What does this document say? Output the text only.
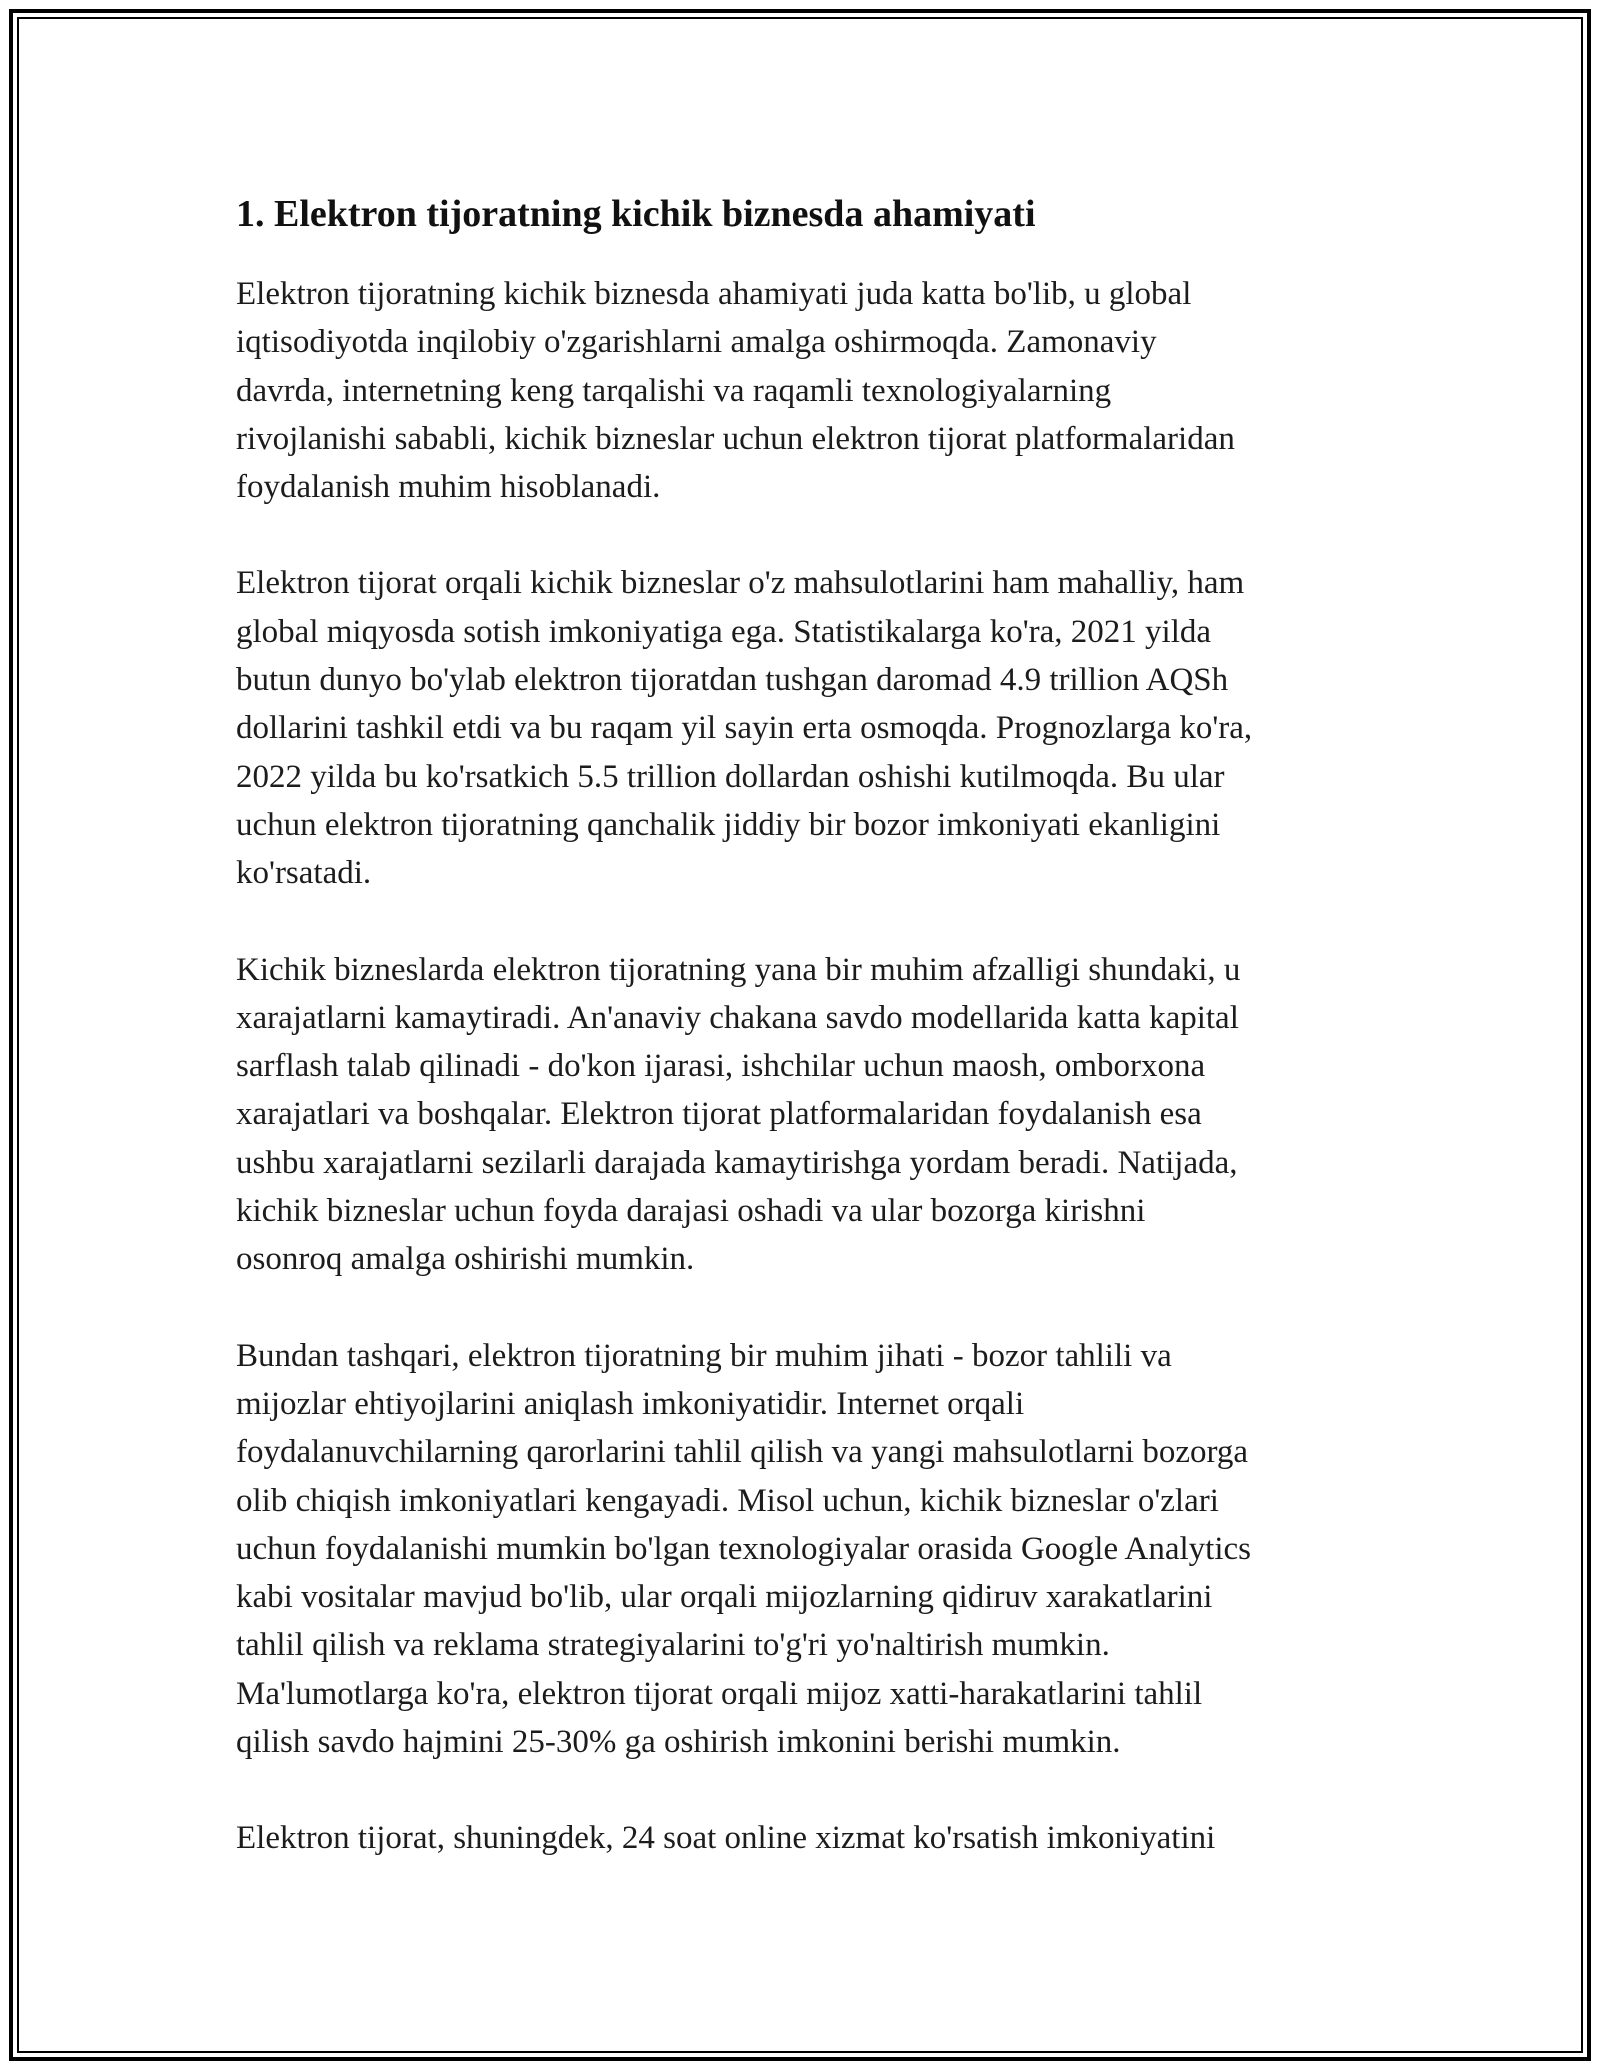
1. Elektron tijoratning kichik biznesda ahamiyati

Elektron tijoratning kichik biznesda ahamiyati juda katta bo'lib, u global
iqtisodiyotda inqilobiy o'zgarishlarni amalga oshirmoqda. Zamonaviy
davrda, internetning keng tarqalishi va raqamli texnologiyalarning
rivojlanishi sababli, kichik bizneslar uchun elektron tijorat platformalaridan
foydalanish muhim hisoblanadi.

Elektron tijorat orqali kichik bizneslar o'z mahsulotlarini ham mahalliy, ham
global miqyosda sotish imkoniyatiga ega. Statistikalarga ko'ra, 2021 yilda
butun dunyo bo'ylab elektron tijoratdan tushgan daromad 4.9 trillion AQSh
dollarini tashkil etdi va bu raqam yil sayin erta osmoqda. Prognozlarga ko'ra,
2022 yilda bu ko'rsatkich 5.5 trillion dollardan oshishi kutilmoqda. Bu ular
uchun elektron tijoratning qanchalik jiddiy bir bozor imkoniyati ekanligini
ko'rsatadi.

Kichik bizneslarda elektron tijoratning yana bir muhim afzalligi shundaki, u
xarajatlarni kamaytiradi. An'anaviy chakana savdo modellarida katta kapital
sarflash talab qilinadi - do'kon ijarasi, ishchilar uchun maosh, omborxona
xarajatlari va boshqalar. Elektron tijorat platformalaridan foydalanish esa
ushbu xarajatlarni sezilarli darajada kamaytirishga yordam beradi. Natijada,
kichik bizneslar uchun foyda darajasi oshadi va ular bozorga kirishni
osonroq amalga oshirishi mumkin.

Bundan tashqari, elektron tijoratning bir muhim jihati - bozor tahlili va
mijozlar ehtiyojlarini aniqlash imkoniyatidir. Internet orqali
foydalanuvchilarning qarorlarini tahlil qilish va yangi mahsulotlarni bozorga
olib chiqish imkoniyatlari kengayadi. Misol uchun, kichik bizneslar o'zlari
uchun foydalanishi mumkin bo'lgan texnologiyalar orasida Google Analytics
kabi vositalar mavjud bo'lib, ular orqali mijozlarning qidiruv xarakatlarini
tahlil qilish va reklama strategiyalarini to'g'ri yo'naltirish mumkin.
Ma'lumotlarga ko'ra, elektron tijorat orqali mijoz xatti-harakatlarini tahlil
qilish savdo hajmini 25-30% ga oshirish imkonini berishi mumkin.

Elektron tijorat, shuningdek, 24 soat online xizmat ko'rsatish imkoniyatini
